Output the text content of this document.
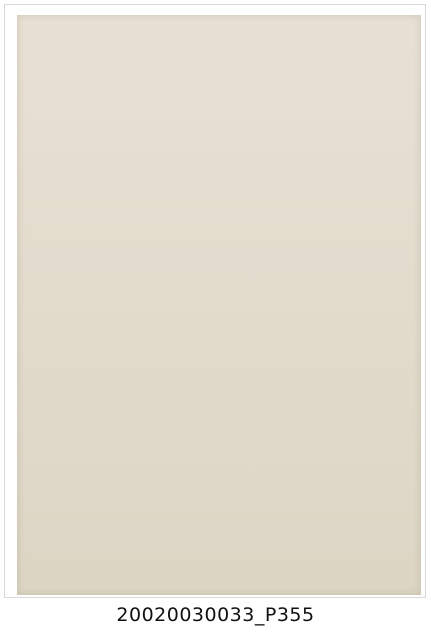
20020030033_P355
